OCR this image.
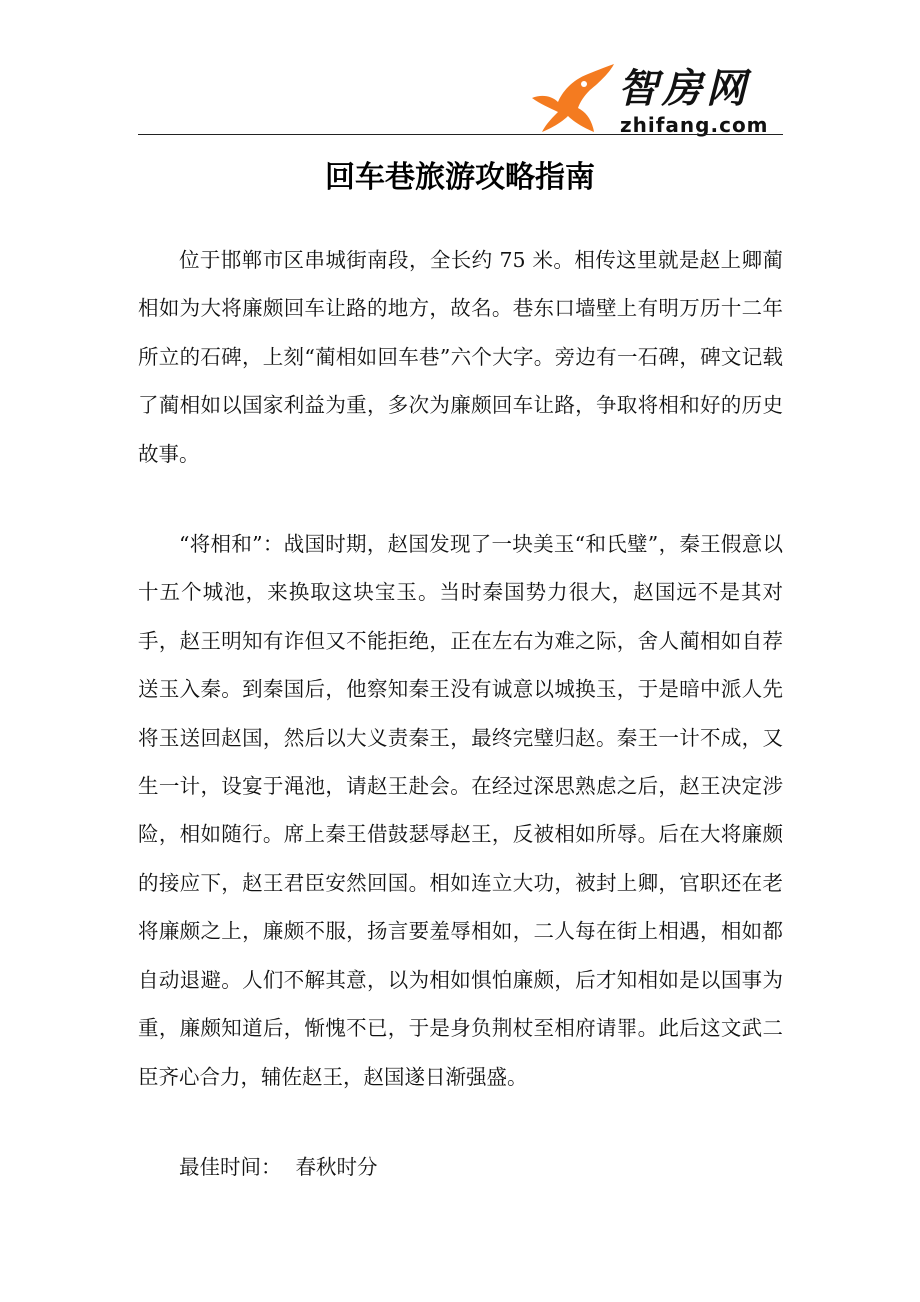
智房网
zhifang.com
回车巷旅游攻略指南

位于邯郸市区串城街南段，全长约 75 米。相传这里就是赵上卿蔺相如为大将廉颇回车让路的地方，故名。巷东口墙壁上有明万历十二年所立的石碑，上刻“蔺相如回车巷”六个大字。旁边有一石碑，碑文记载了蔺相如以国家利益为重，多次为廉颇回车让路，争取将相和好的历史故事。

“将相和”：战国时期，赵国发现了一块美玉“和氏璧”，秦王假意以十五个城池，来换取这块宝玉。当时秦国势力很大，赵国远不是其对手，赵王明知有诈但又不能拒绝，正在左右为难之际，舍人蔺相如自荐送玉入秦。到秦国后，他察知秦王没有诚意以城换玉，于是暗中派人先将玉送回赵国，然后以大义责秦王，最终完璧归赵。秦王一计不成，又生一计，设宴于渑池，请赵王赴会。在经过深思熟虑之后，赵王决定涉险，相如随行。席上秦王借鼓瑟辱赵王，反被相如所辱。后在大将廉颇的接应下，赵王君臣安然回国。相如连立大功，被封上卿，官职还在老将廉颇之上，廉颇不服，扬言要羞辱相如，二人每在街上相遇，相如都自动退避。人们不解其意，以为相如惧怕廉颇，后才知相如是以国事为重，廉颇知道后，惭愧不已，于是身负荆杖至相府请罪。此后这文武二臣齐心合力，辅佐赵王，赵国遂日渐强盛。

最佳时间： 春秋时分
